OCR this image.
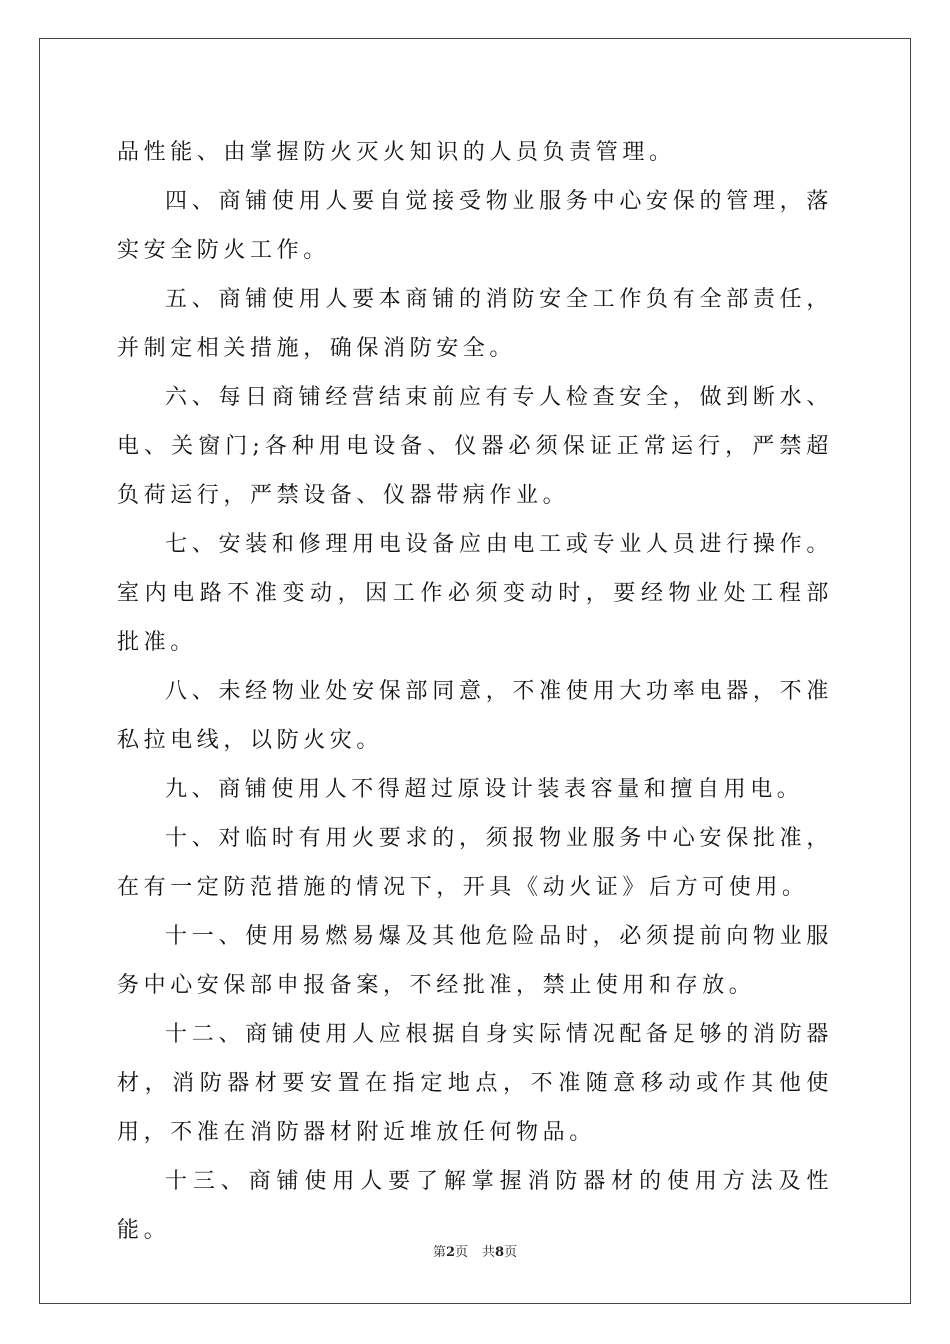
品性能、由掌握防火灭火知识的人员负责管理。

四、商铺使用人要自觉接受物业服务中心安保的管理，落实安全防火工作。

五、商铺使用人要本商铺的消防安全工作负有全部责任，并制定相关措施，确保消防安全。

六、每日商铺经营结束前应有专人检查安全，做到断水、电、关窗门;各种用电设备、仪器必须保证正常运行，严禁超负荷运行，严禁设备、仪器带病作业。

七、安装和修理用电设备应由电工或专业人员进行操作。室内电路不准变动，因工作必须变动时，要经物业处工程部批准。

八、未经物业处安保部同意，不准使用大功率电器，不准私拉电线，以防火灾。

九、商铺使用人不得超过原设计装表容量和擅自用电。

十、对临时有用火要求的，须报物业服务中心安保批准，在有一定防范措施的情况下，开具《动火证》后方可使用。

十一、使用易燃易爆及其他危险品时，必须提前向物业服务中心安保部申报备案，不经批准，禁止使用和存放。

十二、商铺使用人应根据自身实际情况配备足够的消防器材，消防器材要安置在指定地点，不准随意移动或作其他使用，不准在消防器材附近堆放任何物品。

十三、商铺使用人要了解掌握消防器材的使用方法及性能。

第2页 共8页
